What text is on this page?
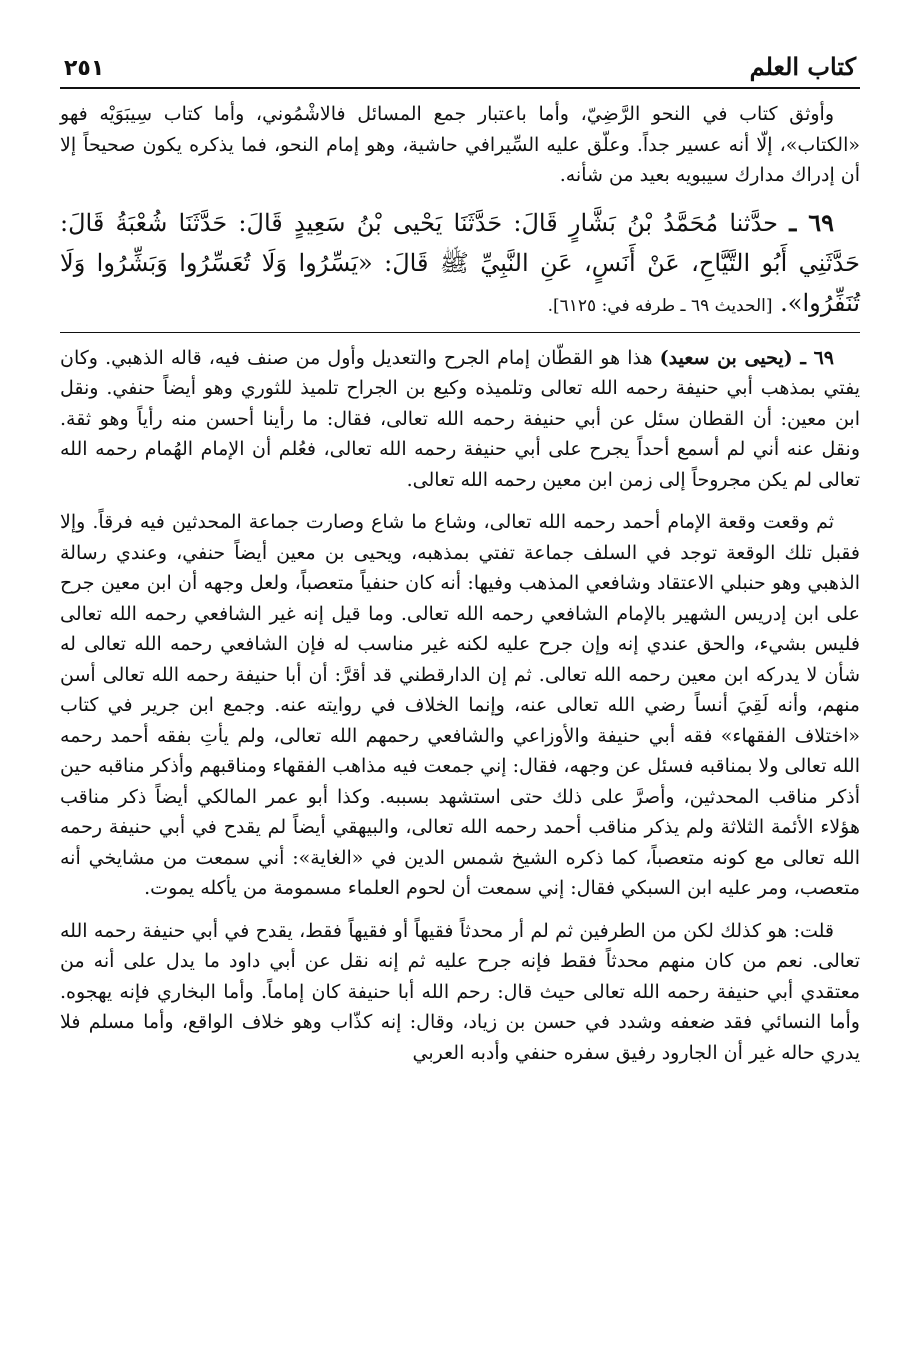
كتاب العلم
٢٥١

وأوثق كتاب في النحو الرَّضِيّ، وأما باعتبار جمع المسائل فالاشْمُوني، وأما كتاب سِيبَوَيْه فهو «الكتاب»، إلّا أنه عسير جداً. وعلّق عليه السِّيرافي حاشية، وهو إمام النحو، فما يذكره يكون صحيحاً إلا أن إدراك مدارك سيبويه بعيد من شأنه.

٦٩ ـ حدَّثنا مُحَمَّدُ بْنُ بَشَّارٍ قَالَ: حَدَّثَنَا يَحْيى بْنُ سَعِيدٍ قَالَ: حَدَّثَنَا شُعْبَةُ قَالَ: حَدَّثَنِي أَبُو التَّيَّاحِ، عَنْ أَنَسٍ، عَنِ النَّبِيِّ ﷺ قَالَ: «يَسِّرُوا وَلَا تُعَسِّرُوا وَبَشِّرُوا وَلَا تُنَفِّرُوا». [الحديث ٦٩ ـ طرفه في: ٦١٢٥].

٦٩ ـ (يحيى بن سعيد) هذا هو القطّان إمام الجرح والتعديل وأول من صنف فيه، قاله الذهبي. وكان يفتي بمذهب أبي حنيفة رحمه الله تعالى وتلميذه وكيع بن الجراح تلميذ للثوري وهو أيضاً حنفي. ونقل ابن معين: أن القطان سئل عن أبي حنيفة رحمه الله تعالى، فقال: ما رأينا أحسن منه رأياً وهو ثقة. ونقل عنه أني لم أسمع أحداً يجرح على أبي حنيفة رحمه الله تعالى، فعُلم أن الإمام الهُمام رحمه الله تعالى لم يكن مجروحاً إلى زمن ابن معين رحمه الله تعالى.

ثم وقعت وقعة الإمام أحمد رحمه الله تعالى، وشاع ما شاع وصارت جماعة المحدثين فيه فرقاً. وإلا فقبل تلك الوقعة توجد في السلف جماعة تفتي بمذهبه، ويحيى بن معين أيضاً حنفي، وعندي رسالة الذهبي وهو حنبلي الاعتقاد وشافعي المذهب وفيها: أنه كان حنفياً متعصباً، ولعل وجهه أن ابن معين جرح على ابن إدريس الشهير بالإمام الشافعي رحمه الله تعالى. وما قيل إنه غير الشافعي رحمه الله تعالى فليس بشيء، والحق عندي إنه وإن جرح عليه لكنه غير مناسب له فإن الشافعي رحمه الله تعالى له شأن لا يدركه ابن معين رحمه الله تعالى. ثم إن الدارقطني قد أقرَّ: أن أبا حنيفة رحمه الله تعالى أسن منهم، وأنه لَقِيَ أنساً رضي الله تعالى عنه، وإنما الخلاف في روايته عنه. وجمع ابن جرير في كتاب «اختلاف الفقهاء» فقه أبي حنيفة والأوزاعي والشافعي رحمهم الله تعالى، ولم يأتِ بفقه أحمد رحمه الله تعالى ولا بمناقبه فسئل عن وجهه، فقال: إني جمعت فيه مذاهب الفقهاء ومناقبهم وأذكر مناقبه حين أذكر مناقب المحدثين، وأصرَّ على ذلك حتى استشهد بسببه. وكذا أبو عمر المالكي أيضاً ذكر مناقب هؤلاء الأئمة الثلاثة ولم يذكر مناقب أحمد رحمه الله تعالى، والبيهقي أيضاً لم يقدح في أبي حنيفة رحمه الله تعالى مع كونه متعصباً، كما ذكره الشيخ شمس الدين في «الغاية»: أني سمعت من مشايخي أنه متعصب، ومر عليه ابن السبكي فقال: إني سمعت أن لحوم العلماء مسمومة من يأكله يموت.

قلت: هو كذلك لكن من الطرفين ثم لم أر محدثاً فقيهاً أو فقيهاً فقط، يقدح في أبي حنيفة رحمه الله تعالى. نعم من كان منهم محدثاً فقط فإنه جرح عليه ثم إنه نقل عن أبي داود ما يدل على أنه من معتقدي أبي حنيفة رحمه الله تعالى حيث قال: رحم الله أبا حنيفة كان إماماً. وأما البخاري فإنه يهجوه. وأما النسائي فقد ضعفه وشدد في حسن بن زياد، وقال: إنه كذّاب وهو خلاف الواقع، وأما مسلم فلا يدري حاله غير أن الجارود رفيق سفره حنفي وأدبه العربي
